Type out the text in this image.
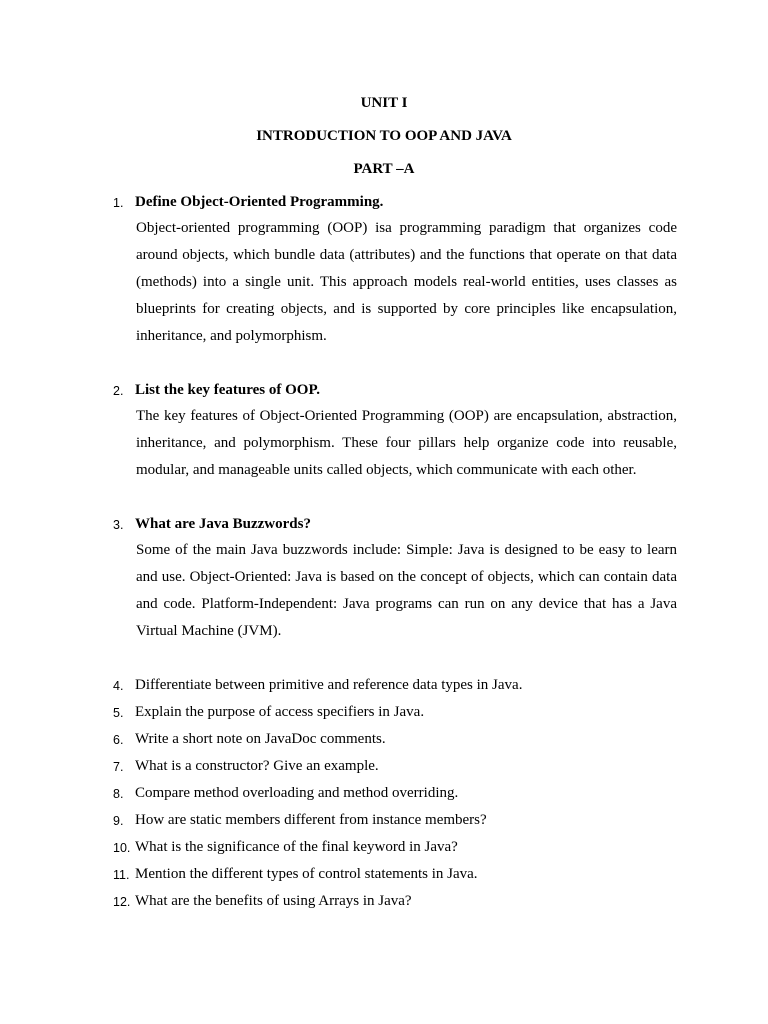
UNIT I
INTRODUCTION TO OOP AND JAVA
PART –A
1. Define Object-Oriented Programming.
Object-oriented programming (OOP) isa programming paradigm that organizes code around objects, which bundle data (attributes) and the functions that operate on that data (methods) into a single unit. This approach models real-world entities, uses classes as blueprints for creating objects, and is supported by core principles like encapsulation, inheritance, and polymorphism.
2. List the key features of OOP.
The key features of Object-Oriented Programming (OOP) are encapsulation, abstraction, inheritance, and polymorphism. These four pillars help organize code into reusable, modular, and manageable units called objects, which communicate with each other.
3. What are Java Buzzwords?
Some of the main Java buzzwords include: Simple: Java is designed to be easy to learn and use. Object-Oriented: Java is based on the concept of objects, which can contain data and code. Platform-Independent: Java programs can run on any device that has a Java Virtual Machine (JVM).
4. Differentiate between primitive and reference data types in Java.
5. Explain the purpose of access specifiers in Java.
6. Write a short note on JavaDoc comments.
7. What is a constructor? Give an example.
8. Compare method overloading and method overriding.
9. How are static members different from instance members?
10. What is the significance of the final keyword in Java?
11. Mention the different types of control statements in Java.
12. What are the benefits of using Arrays in Java?
